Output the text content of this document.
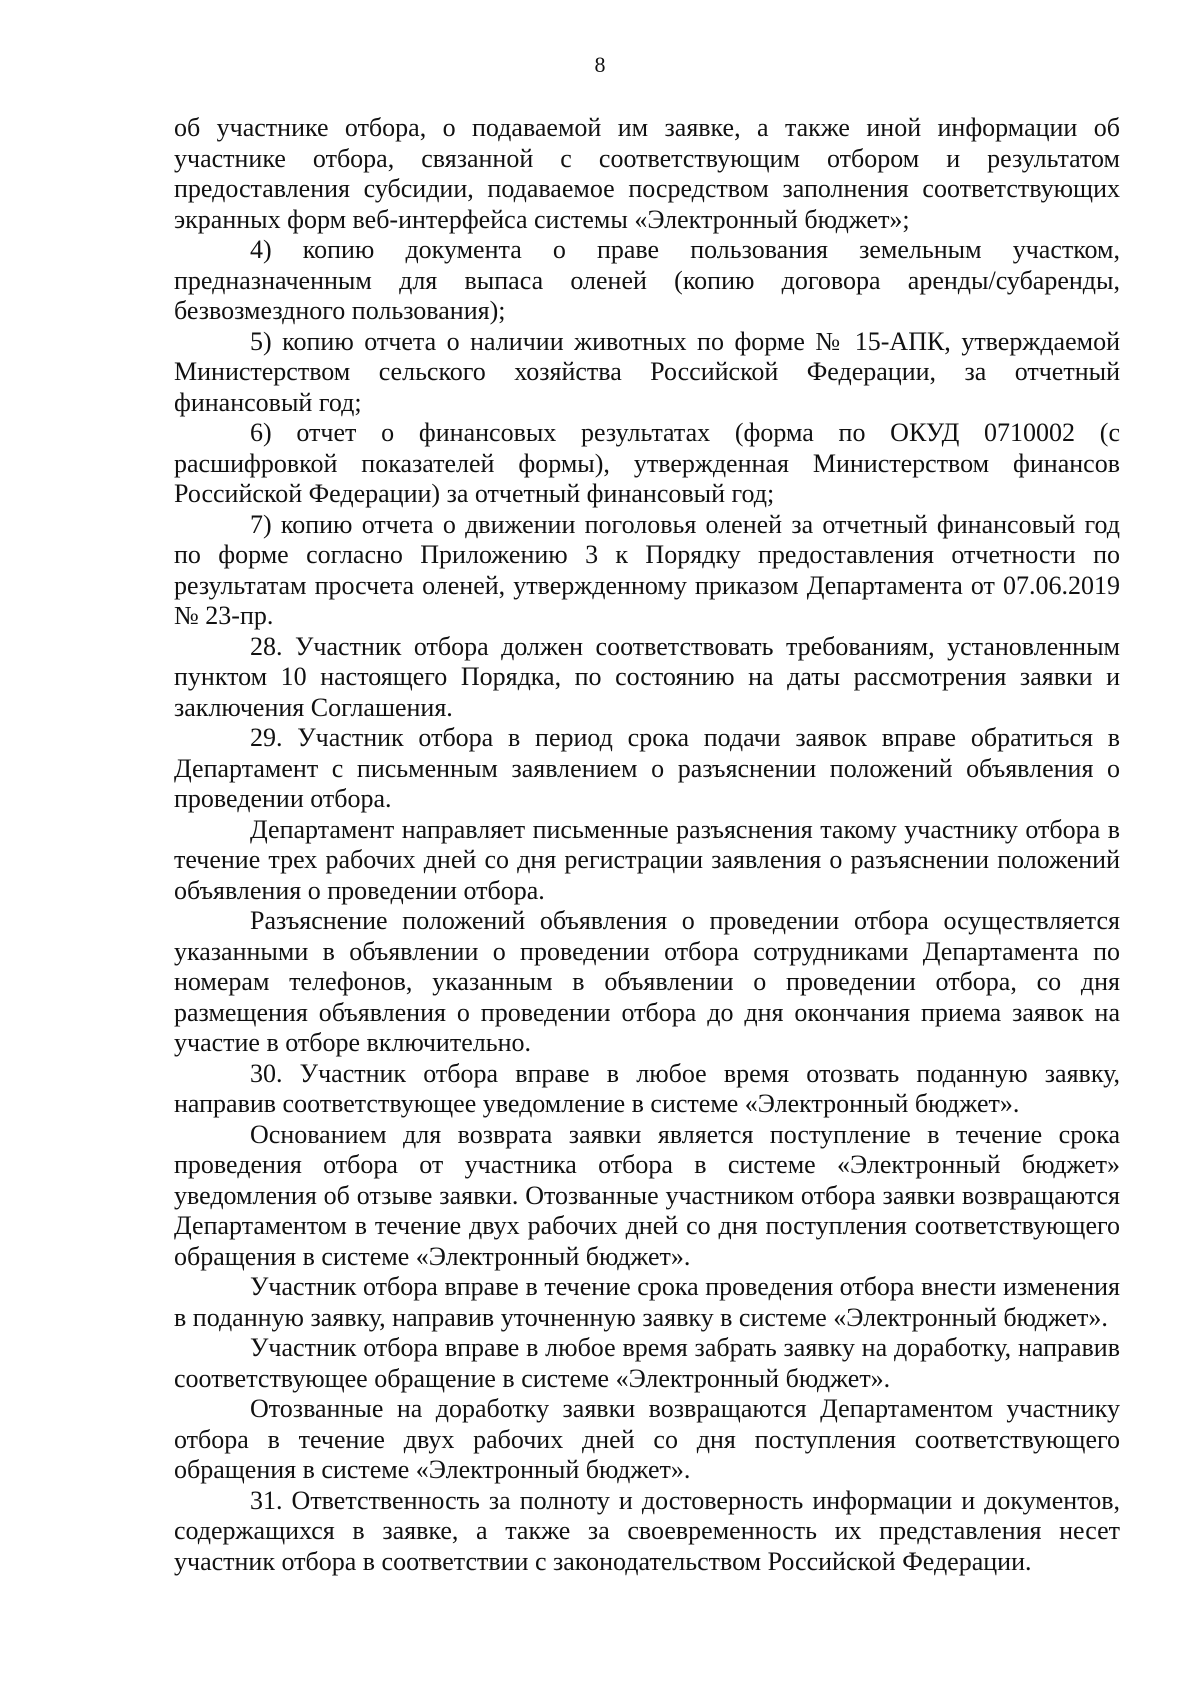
8

об участнике отбора, о подаваемой им заявке, а также иной информации об участнике отбора, связанной с соответствующим отбором и результатом предоставления субсидии, подаваемое посредством заполнения соответствующих экранных форм веб-интерфейса системы «Электронный бюджет»;

4) копию документа о праве пользования земельным участком, предназначенным для выпаса оленей (копию договора аренды/субаренды, безвозмездного пользования);

5) копию отчета о наличии животных по форме № 15-АПК, утверждаемой Министерством сельского хозяйства Российской Федерации, за отчетный финансовый год;

6) отчет о финансовых результатах (форма по ОКУД 0710002 (с расшифровкой показателей формы), утвержденная Министерством финансов Российской Федерации) за отчетный финансовый год;

7) копию отчета о движении поголовья оленей за отчетный финансовый год по форме согласно Приложению 3 к Порядку предоставления отчетности по результатам просчета оленей, утвержденному приказом Департамента от 07.06.2019 № 23-пр.

28. Участник отбора должен соответствовать требованиям, установленным пунктом 10 настоящего Порядка, по состоянию на даты рассмотрения заявки и заключения Соглашения.

29. Участник отбора в период срока подачи заявок вправе обратиться в Департамент с письменным заявлением о разъяснении положений объявления о проведении отбора.

Департамент направляет письменные разъяснения такому участнику отбора в течение трех рабочих дней со дня регистрации заявления о разъяснении положений объявления о проведении отбора.

Разъяснение положений объявления о проведении отбора осуществляется указанными в объявлении о проведении отбора сотрудниками Департамента по номерам телефонов, указанным в объявлении о проведении отбора, со дня размещения объявления о проведении отбора до дня окончания приема заявок на участие в отборе включительно.

30. Участник отбора вправе в любое время отозвать поданную заявку, направив соответствующее уведомление в системе «Электронный бюджет».

Основанием для возврата заявки является поступление в течение срока проведения отбора от участника отбора в системе «Электронный бюджет» уведомления об отзыве заявки. Отозванные участником отбора заявки возвращаются Департаментом в течение двух рабочих дней со дня поступления соответствующего обращения в системе «Электронный бюджет».

Участник отбора вправе в течение срока проведения отбора внести изменения в поданную заявку, направив уточненную заявку в системе «Электронный бюджет».

Участник отбора вправе в любое время забрать заявку на доработку, направив соответствующее обращение в системе «Электронный бюджет».

Отозванные на доработку заявки возвращаются Департаментом участнику отбора в течение двух рабочих дней со дня поступления соответствующего обращения в системе «Электронный бюджет».

31. Ответственность за полноту и достоверность информации и документов, содержащихся в заявке, а также за своевременность их представления несет участник отбора в соответствии с законодательством Российской Федерации.
